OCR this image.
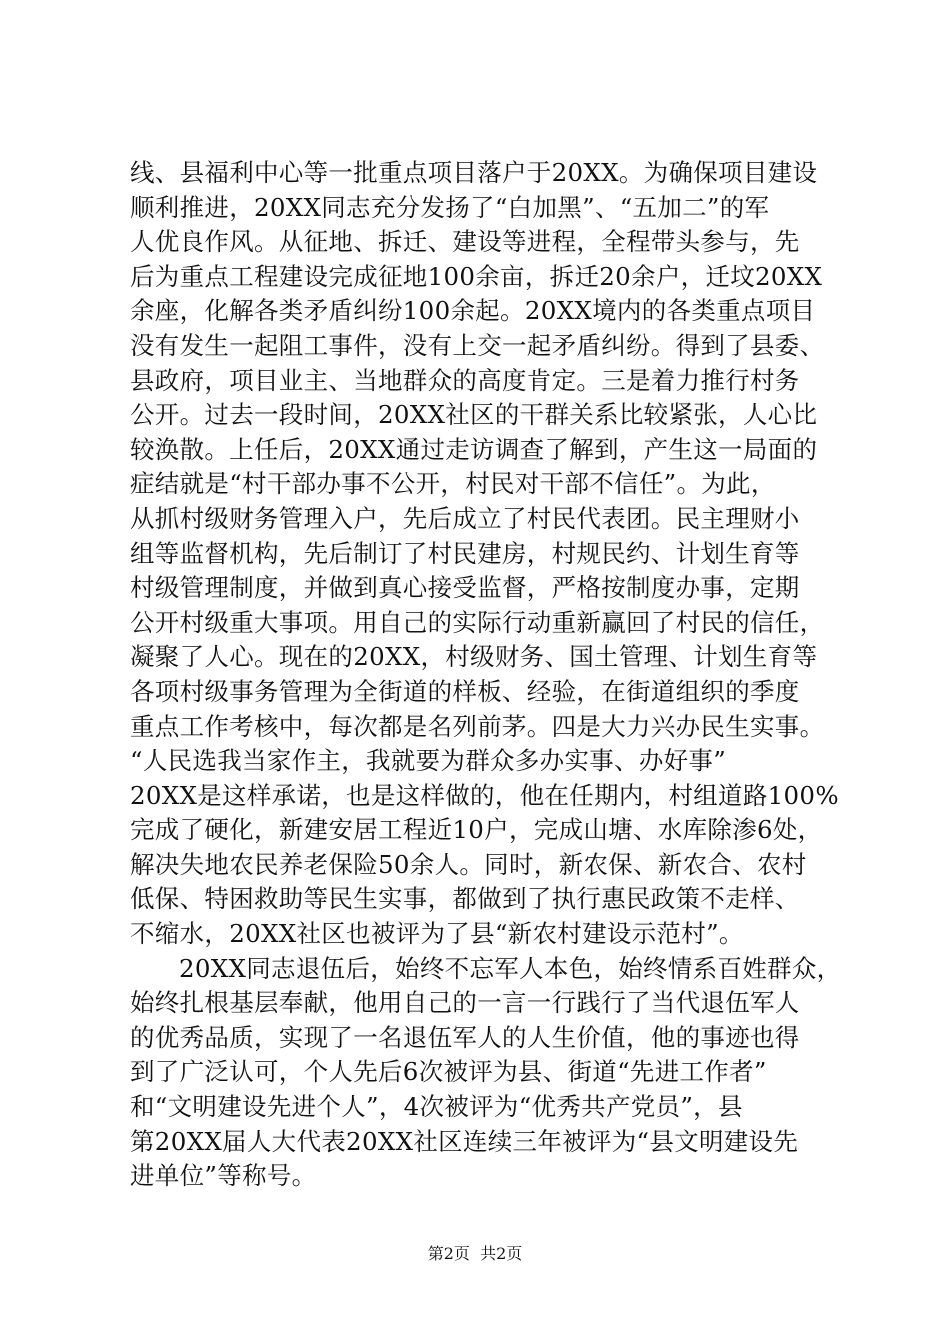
线、县福利中心等一批重点项目落户于20XX。为确保项目建设
顺利推进，20XX同志充分发扬了“白加黑”、“五加二”的军
人优良作风。从征地、拆迁、建设等进程，全程带头参与，先
后为重点工程建设完成征地100余亩，拆迁20余户，迁坟20XX
余座，化解各类矛盾纠纷100余起。20XX境内的各类重点项目
没有发生一起阻工事件，没有上交一起矛盾纠纷。得到了县委、
县政府，项目业主、当地群众的高度肯定。三是着力推行村务
公开。过去一段时间，20XX社区的干群关系比较紧张，人心比
较涣散。上任后，20XX通过走访调查了解到，产生这一局面的
症结就是“村干部办事不公开，村民对干部不信任”。为此，
从抓村级财务管理入户，先后成立了村民代表团。民主理财小
组等监督机构，先后制订了村民建房，村规民约、计划生育等
村级管理制度，并做到真心接受监督，严格按制度办事，定期
公开村级重大事项。用自己的实际行动重新赢回了村民的信任，
凝聚了人心。现在的20XX，村级财务、国土管理、计划生育等
各项村级事务管理为全街道的样板、经验，在街道组织的季度
重点工作考核中，每次都是名列前茅。四是大力兴办民生实事。
“人民选我当家作主，我就要为群众多办实事、办好事”
20XX是这样承诺，也是这样做的，他在任期内，村组道路100%
完成了硬化，新建安居工程近10户，完成山塘、水库除渗6处，
解决失地农民养老保险50余人。同时，新农保、新农合、农村
低保、特困救助等民生实事，都做到了执行惠民政策不走样、
不缩水，20XX社区也被评为了县“新农村建设示范村”。
20XX同志退伍后，始终不忘军人本色，始终情系百姓群众，
始终扎根基层奉献，他用自己的一言一行践行了当代退伍军人
的优秀品质，实现了一名退伍军人的人生价值，他的事迹也得
到了广泛认可，个人先后6次被评为县、街道“先进工作者”
和“文明建设先进个人”，4次被评为“优秀共产党员”，县
第20XX届人大代表20XX社区连续三年被评为“县文明建设先
进单位”等称号。
第2页  共2页
